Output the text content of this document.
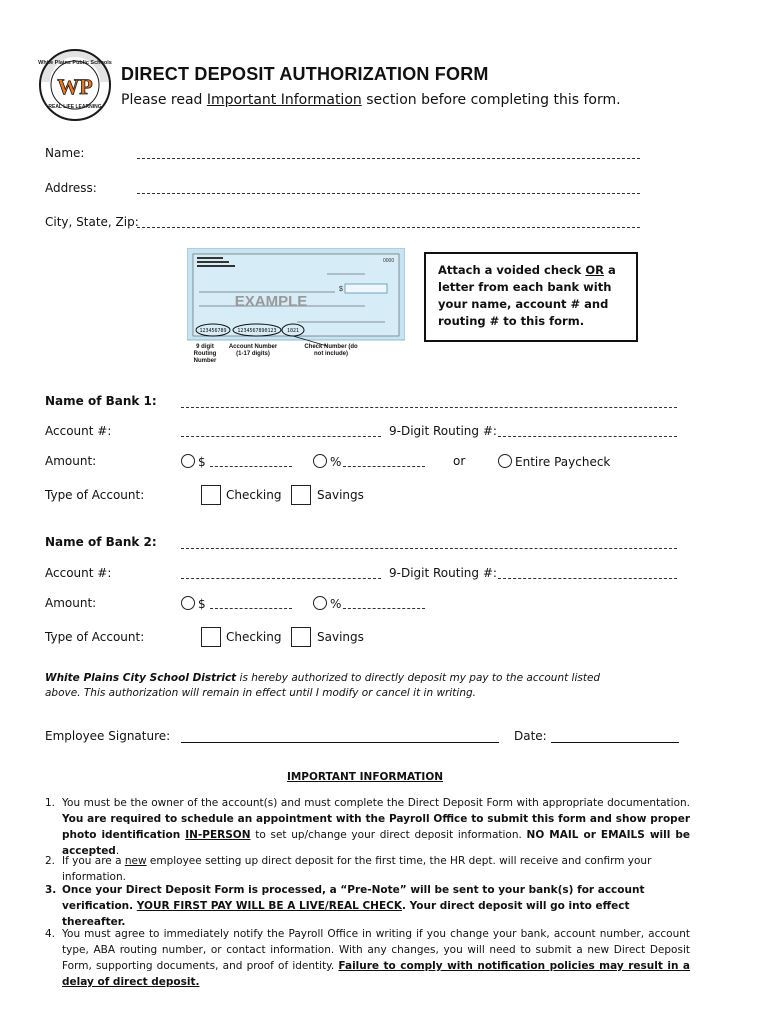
WP
REAL LIFE LEARNING
White Plains Public Schools
DIRECT DEPOSIT AUTHORIZATION FORM
Please read Important Information section before completing this form.
Name:
Address:
City, State, Zip:
0000
$
EXAMPLE
123456789 1234567890123 1021
9 digit Routing Number
Account Number (1-17 digits)
Check Number (do not include)

Attach a voided check OR a letter from each bank with your name, account # and routing # to this form.

Name of Bank 1:
Account #:	9-Digit Routing #:
Amount:	$	%	or	Entire Paycheck
Type of Account:	Checking	Savings
Name of Bank 2:
Account #:	9-Digit Routing #:
Amount:	$	%
Type of Account:	Checking	Savings
White Plains City School District is hereby authorized to directly deposit my pay to the account listed above. This authorization will remain in effect until I modify or cancel it in writing.
Employee Signature:	Date:
IMPORTANT INFORMATION
1. You must be the owner of the account(s) and must complete the Direct Deposit Form with appropriate documentation. You are required to schedule an appointment with the Payroll Office to submit this form and show proper photo identification IN-PERSON to set up/change your direct deposit information. NO MAIL or EMAILS will be accepted.
2. If you are a new employee setting up direct deposit for the first time, the HR dept. will receive and confirm your information.
3. Once your Direct Deposit Form is processed, a “Pre-Note” will be sent to your bank(s) for account verification. YOUR FIRST PAY WILL BE A LIVE/REAL CHECK. Your direct deposit will go into effect thereafter.
4. You must agree to immediately notify the Payroll Office in writing if you change your bank, account number, account type, ABA routing number, or contact information. With any changes, you will need to submit a new Direct Deposit Form, supporting documents, and proof of identity. Failure to comply with notification policies may result in a delay of direct deposit.
